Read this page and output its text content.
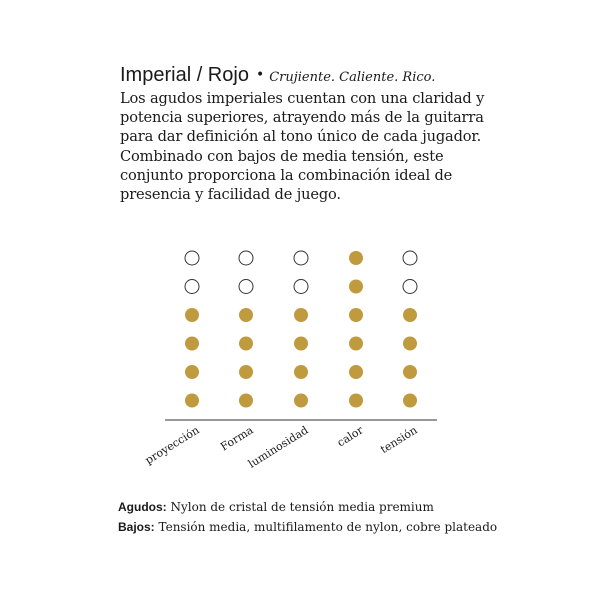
Imperial / Rojo • Crujiente. Caliente. Rico.

Los agudos imperiales cuentan con una claridad y potencia superiores, atrayendo más de la guitarra para dar definición al tono único de cada jugador. Combinado con bajos de media tensión, este conjunto proporciona la combinación ideal de presencia y facilidad de juego.

proyección Forma
luminosidad calor tensión
Agudos: Nylon de cristal de tensión media premium
Bajos: Tensión media, multifilamento de nylon, cobre plateado
